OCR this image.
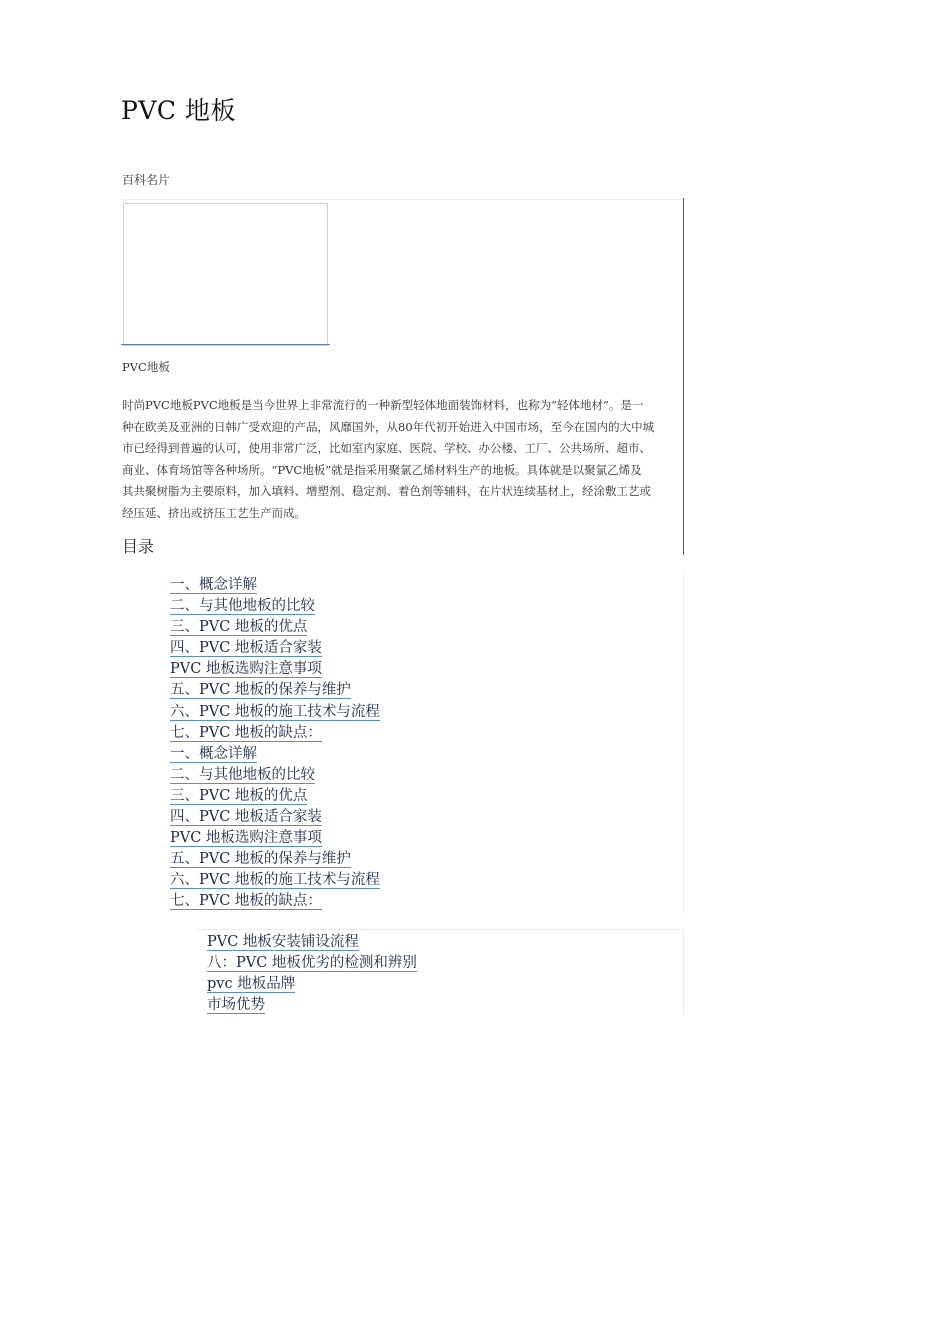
PVC 地板
百科名片
PVC地板
时尚PVC地板PVC地板是当今世界上非常流行的一种新型轻体地面装饰材料，也称为“轻体地材”。是一
种在欧美及亚洲的日韩广受欢迎的产品，风靡国外，从80年代初开始进入中国市场，至今在国内的大中城
市已经得到普遍的认可，使用非常广泛，比如室内家庭、医院、学校、办公楼、工厂、公共场所、超市、
商业、体育场馆等各种场所。“PVC地板”就是指采用聚氯乙烯材料生产的地板。具体就是以聚氯乙烯及
其共聚树脂为主要原料，加入填料、增塑剂、稳定剂、着色剂等辅料，在片状连续基材上，经涂敷工艺或
经压延、挤出或挤压工艺生产而成。
目录
一、概念详解
二、与其他地板的比较
三、PVC 地板的优点
四、PVC 地板适合家装
PVC 地板选购注意事项
五、PVC 地板的保养与维护
六、PVC 地板的施工技术与流程
七、PVC 地板的缺点：
一、概念详解
二、与其他地板的比较
三、PVC 地板的优点
四、PVC 地板适合家装
PVC 地板选购注意事项
五、PVC 地板的保养与维护
六、PVC 地板的施工技术与流程
七、PVC 地板的缺点：
PVC 地板安装铺设流程
八：PVC 地板优劣的检测和辨别
pvc 地板品牌
市场优势
